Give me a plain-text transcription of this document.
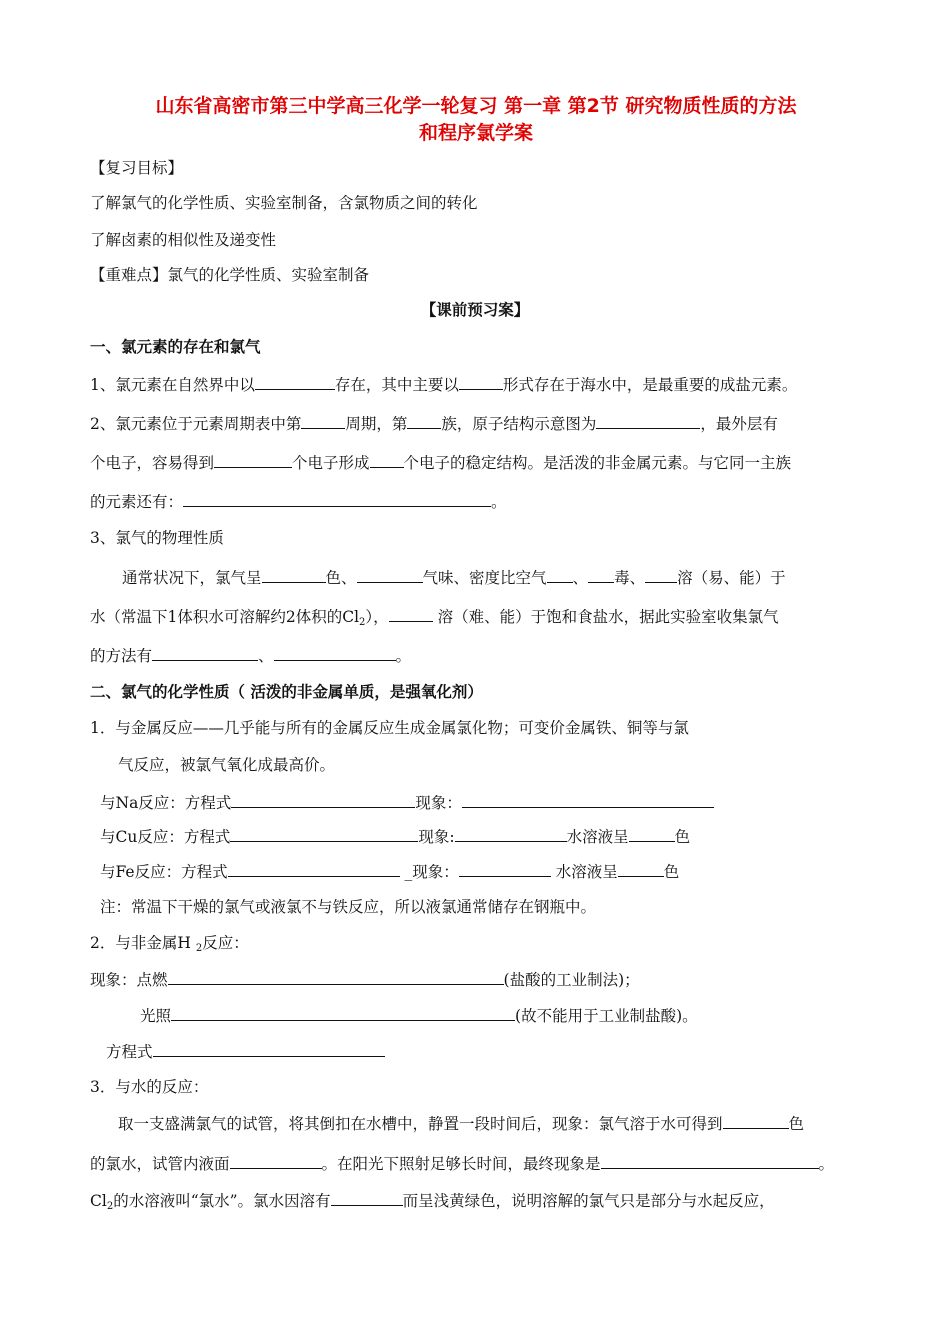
山东省高密市第三中学高三化学一轮复习 第一章 第2节 研究物质性质的方法
和程序氯学案
【复习目标】
了解氯气的化学性质、实验室制备，含氯物质之间的转化
了解卤素的相似性及递变性
【重难点】氯气的化学性质、实验室制备
【课前预习案】
一、氯元素的存在和氯气
1、氯元素在自然界中以	存在，其中主要以	形式存在于海水中，是最重要的成盐元素。
2、氯元素位于元素周期表中第	周期，第 族，原子结构示意图为	，最外层有
个电子，容易得到	个电子形成 个电子的稳定结构。是活泼的非金属元素。与它同一主族
的元素还有：	。
3、氯气的物理性质
通常状况下，氯气呈	色、	气味、密度比空气 、 毒、 溶（易、能）于
水（常温下1体积水可溶解约2体积的$Cl_2$），	溶（难、能）于饱和食盐水，据此实验室收集氯气
的方法有	、	。
二、氯气的化学性质（ 活泼的非金属单质，是强氧化剂）
1．与金属反应——几乎能与所有的金属反应生成金属氯化物；可变价金属铁、铜等与氯
气反应，被氯气氧化成最高价。
与Na反应：方程式	现象：
与Cu反应：方程式	现象:	水溶液呈	色
与Fe反应：方程式	_现象：	水溶液呈	色
注：常温下干燥的氯气或液氯不与铁反应，所以液氯通常储存在钢瓶中。
2．与非金属H $_2$反应：
现象：点燃	(盐酸的工业制法)；
光照	(故不能用于工业制盐酸)。
方程式
3．与水的反应：
取一支盛满氯气的试管，将其倒扣在水槽中，静置一段时间后，现象：氯气溶于水可得到	色
的氯水，试管内液面	。在阳光下照射足够长时间，最终现象是	。
$Cl_2$的水溶液叫“氯水”。氯水因溶有	而呈浅黄绿色，说明溶解的氯气只是部分与水起反应，
